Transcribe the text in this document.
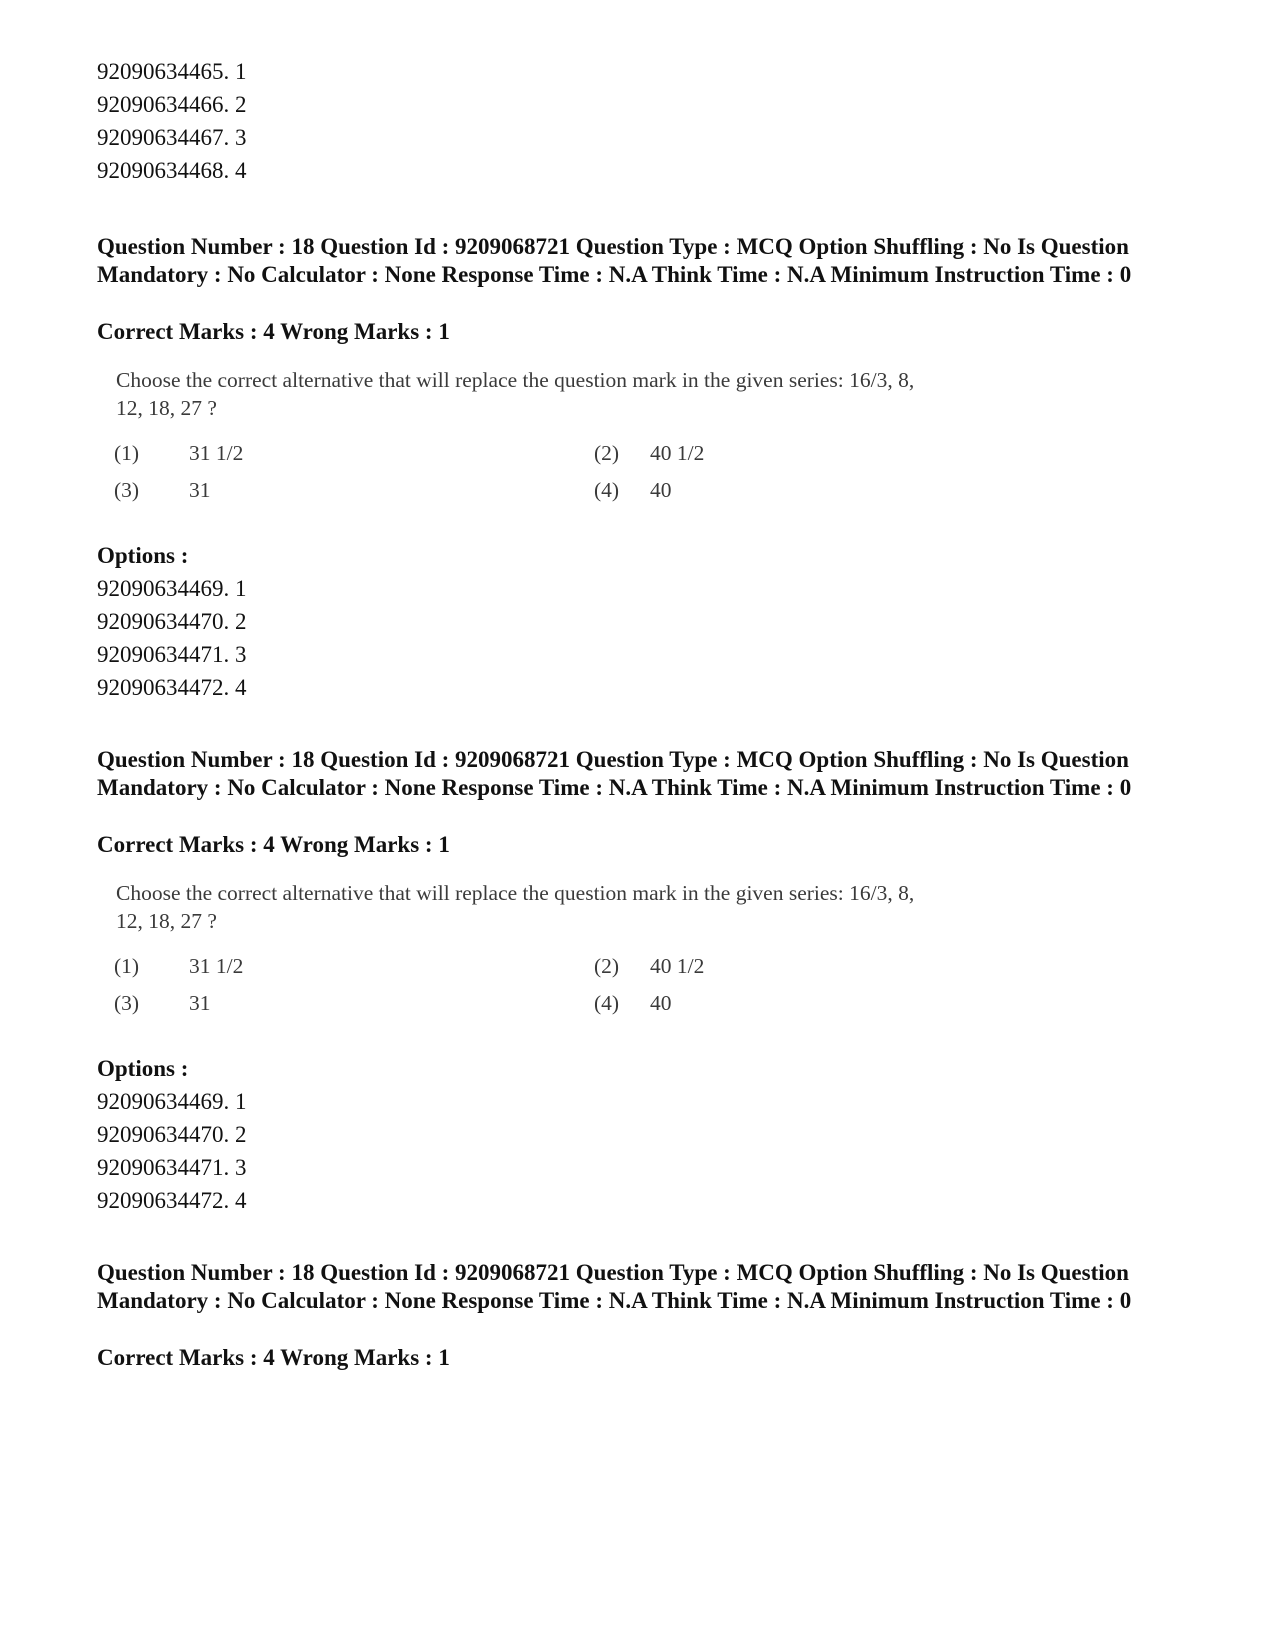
92090634465. 1
92090634466. 2
92090634467. 3
92090634468. 4
Question Number : 18 Question Id : 9209068721 Question Type : MCQ Option Shuffling : No Is Question Mandatory : No Calculator : None Response Time : N.A Think Time : N.A Minimum Instruction Time : 0
Correct Marks : 4 Wrong Marks : 1
Choose the correct alternative that will replace the question mark in the given series: 16/3, 8,
12, 18, 27 ?
(1) 31 1/2	(2) 40 1/2
(3) 31	(4) 40
Options :
92090634469. 1
92090634470. 2
92090634471. 3
92090634472. 4
Question Number : 18 Question Id : 9209068721 Question Type : MCQ Option Shuffling : No Is Question Mandatory : No Calculator : None Response Time : N.A Think Time : N.A Minimum Instruction Time : 0
Correct Marks : 4 Wrong Marks : 1
Choose the correct alternative that will replace the question mark in the given series: 16/3, 8,
12, 18, 27 ?
(1) 31 1/2	(2) 40 1/2
(3) 31	(4) 40
Options :
92090634469. 1
92090634470. 2
92090634471. 3
92090634472. 4
Question Number : 18 Question Id : 9209068721 Question Type : MCQ Option Shuffling : No Is Question Mandatory : No Calculator : None Response Time : N.A Think Time : N.A Minimum Instruction Time : 0
Correct Marks : 4 Wrong Marks : 1
